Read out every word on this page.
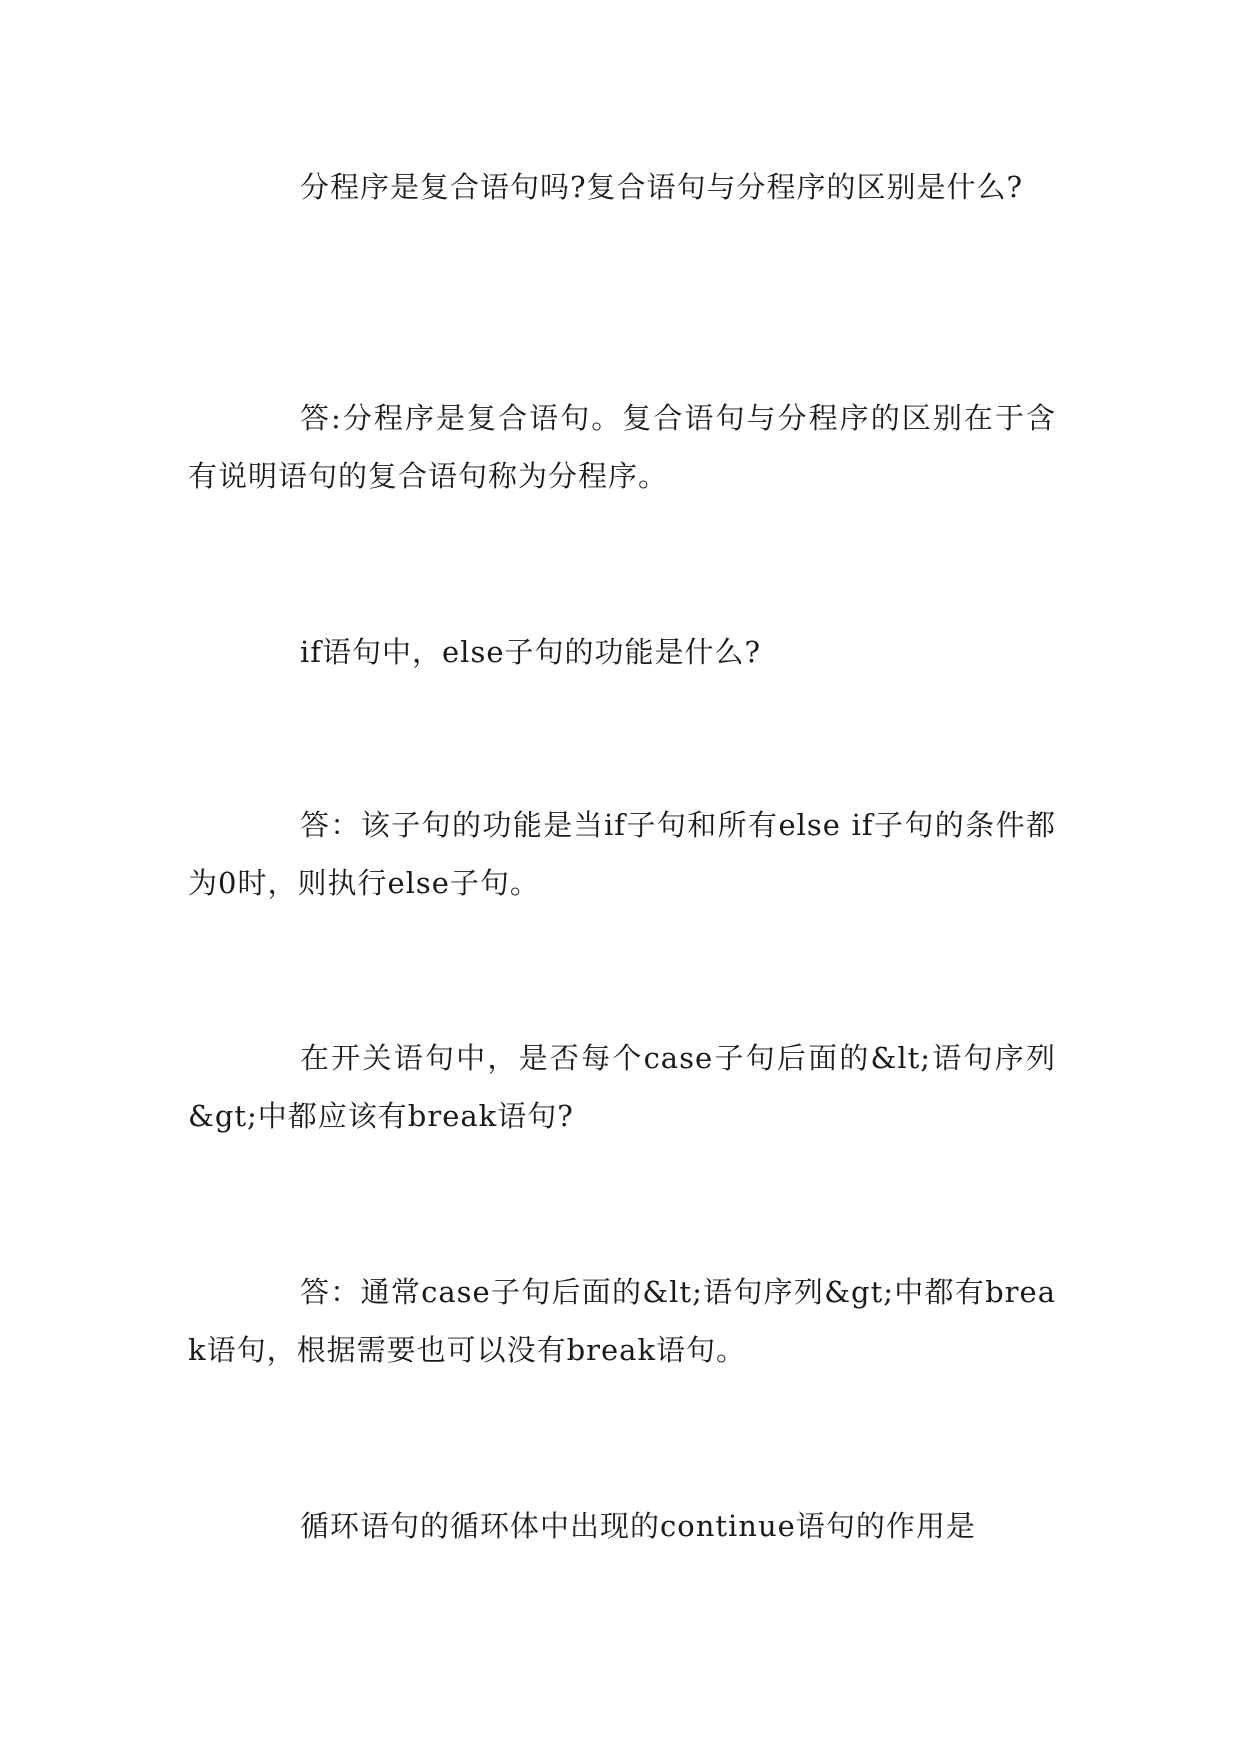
分程序是复合语句吗?复合语句与分程序的区别是什么?

答:分程序是复合语句。复合语句与分程序的区别在于含有说明语句的复合语句称为分程序。

if语句中，else子句的功能是什么?

答：该子句的功能是当if子句和所有else if子句的条件都为0时，则执行else子句。

在开关语句中，是否每个case子句后面的&lt;语句序列&gt;中都应该有break语句?

答：通常case子句后面的&lt;语句序列&gt;中都有break语句，根据需要也可以没有break语句。

循环语句的循环体中出现的continue语句的作用是
